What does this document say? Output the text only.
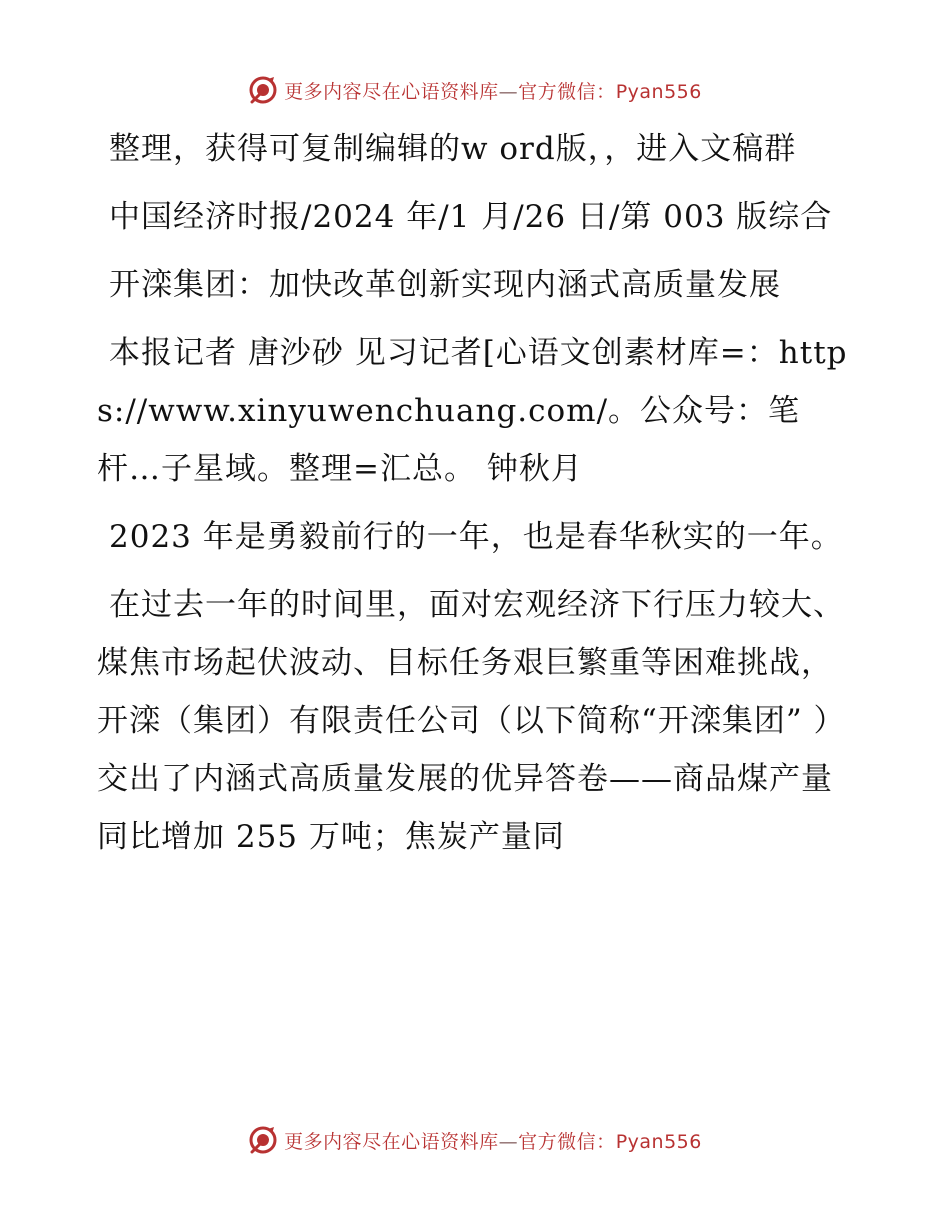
更多内容尽在心语资料库—官方微信：Pyan556

整理，获得可复制编辑的w ord版，，进入文稿群

中国经济时报/2024 年/1 月/26 日/第 003 版综合

开滦集团：加快改革创新实现内涵式高质量发展

本报记者 唐沙砂 见习记者[心语文创素材库=：https://www.xinyuwenchuang.com/。公众号：笔杆…子星域。整理=汇总。 钟秋月

2023 年是勇毅前行的一年，也是春华秋实的一年。

在过去一年的时间里，面对宏观经济下行压力较大、煤焦市场起伏波动、目标任务艰巨繁重等困难挑战，开滦（集团）有限责任公司（以下简称“开滦集团” ）交出了内涵式高质量发展的优异答卷——商品煤产量同比增加 255 万吨；焦炭产量同

更多内容尽在心语资料库—官方微信：Pyan556
